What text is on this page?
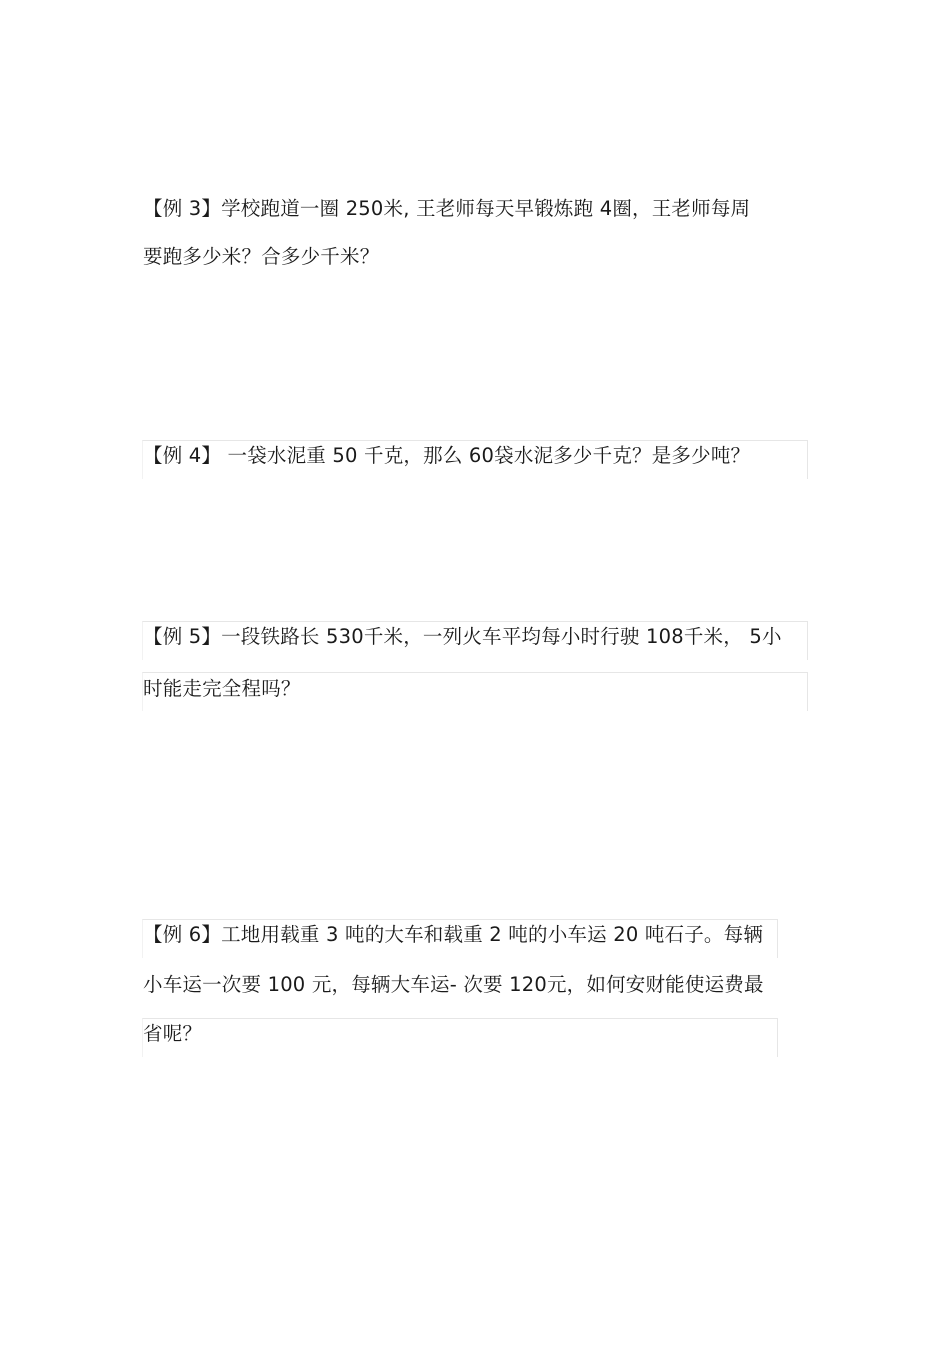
【例 3】学校跑道一圈 250米, 王老师每天早锻炼跑 4圈，王老师每周
要跑多少米？合多少千米？
【例 4】 一袋水泥重 50 千克，那么 60袋水泥多少千克？是多少吨？
【例 5】一段铁路长 530千米，一列火车平均每小时行驶 108千米， 5小
时能走完全程吗？
【例 6】工地用载重 3 吨的大车和载重 2 吨的小车运 20 吨石子。每辆
小车运一次要 100 元，每辆大车运- 次要 120元，如何安财能使运费最
省呢？
